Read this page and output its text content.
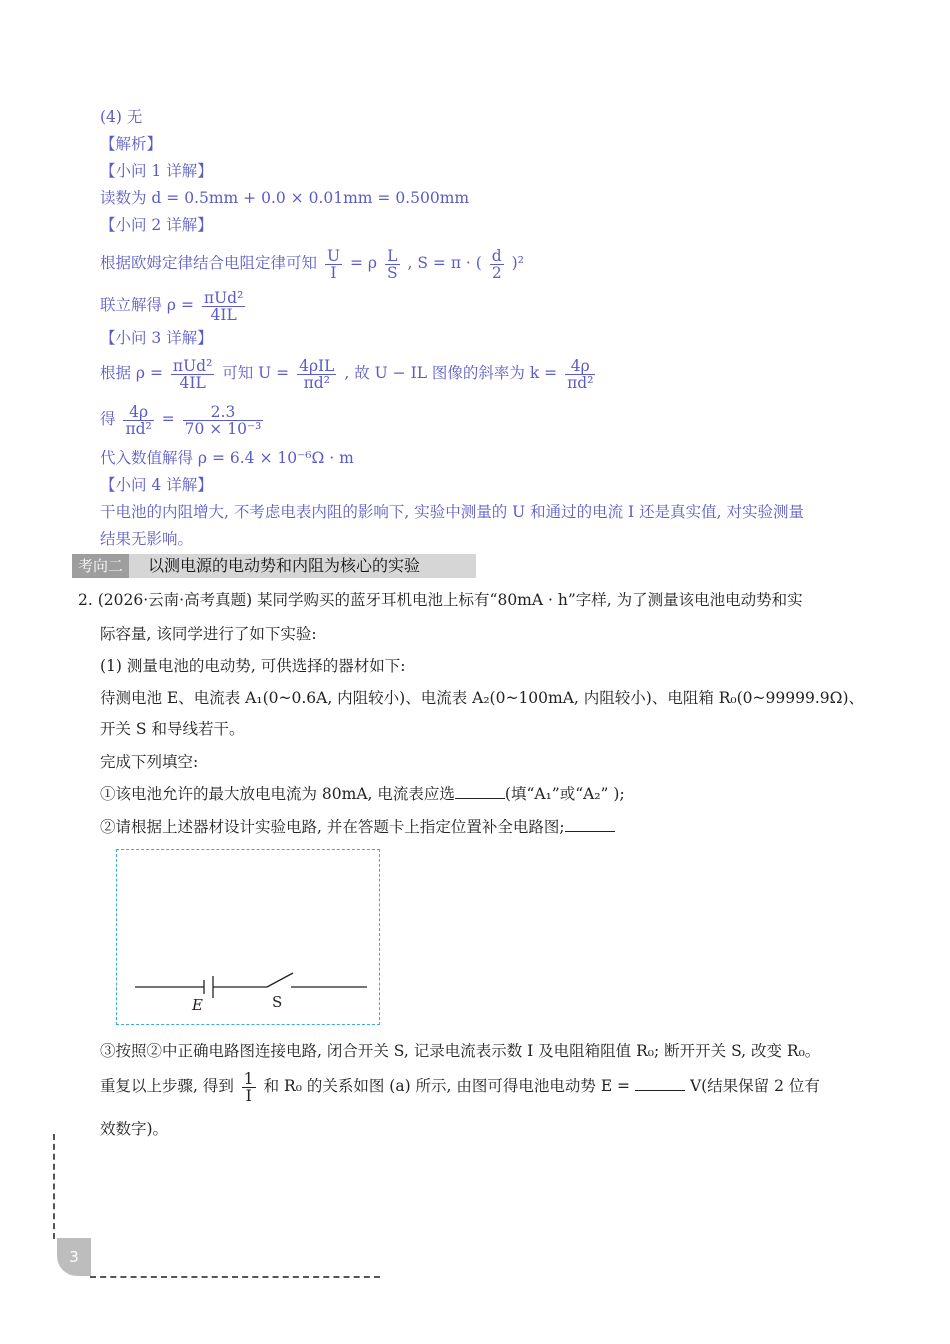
(4) 无
【解析】
【小问 1 详解】
读数为 d = 0.5mm + 0.0 × 0.01mm = 0.500mm
【小问 2 详解】
根据欧姆定律结合电阻定律可知 $\frac{U}{I} = \rho \frac{L}{S}$ , S = π · ( $\frac{d}{2} )^2$
联立解得 $\rho = \frac{\text{πUd²}}{4IL}$
【小问 3 详解】
根据 $\rho = \frac{\text{πUd²}}{4IL}$ 可知 $U = \frac{\text{4ρIL}}{\text{πd²}}$ , 故 U − IL 图像的斜率为 $k = \frac{4\rho}{\text{πd²}}$
得 $\frac{4\rho}{\text{πd²}} = \frac{2.3}{\text{70 × 10⁻³}}$
代入数值解得 ρ = 6.4 × 10⁻⁶Ω · m
【小问 4 详解】
干电池的内阻增大, 不考虑电表内阻的影响下, 实验中测量的 U 和通过的电流 I 还是真实值, 对实验测量
结果无影响。
考向二	以测电源的电动势和内阻为核心的实验
2. (2026·云南·高考真题) 某同学购买的蓝牙耳机电池上标有“80mA · h”字样, 为了测量该电池电动势和实
际容量, 该同学进行了如下实验:
(1) 测量电池的电动势, 可供选择的器材如下:
待测电池 E、电流表 A₁(0~0.6A, 内阻较小)、电流表 A₂(0~100mA, 内阻较小)、电阻箱 R₀(0~99999.9Ω)、
开关 S 和导线若干。
完成下列填空:
①该电池允许的最大放电电流为 80mA, 电流表应选	(填“A₁”或“A₂” );
②请根据上述器材设计实验电路, 并在答题卡上指定位置补全电路图;
E	S
③按照②中正确电路图连接电路, 闭合开关 S, 记录电流表示数 I 及电阻箱阻值 R₀; 断开开关 S, 改变 R₀。
重复以上步骤, 得到 $\frac{1}{I}$ 和 R₀ 的关系如图 (a) 所示, 由图可得电池电动势 E =	V(结果保留 2 位有
效数字)。
3
